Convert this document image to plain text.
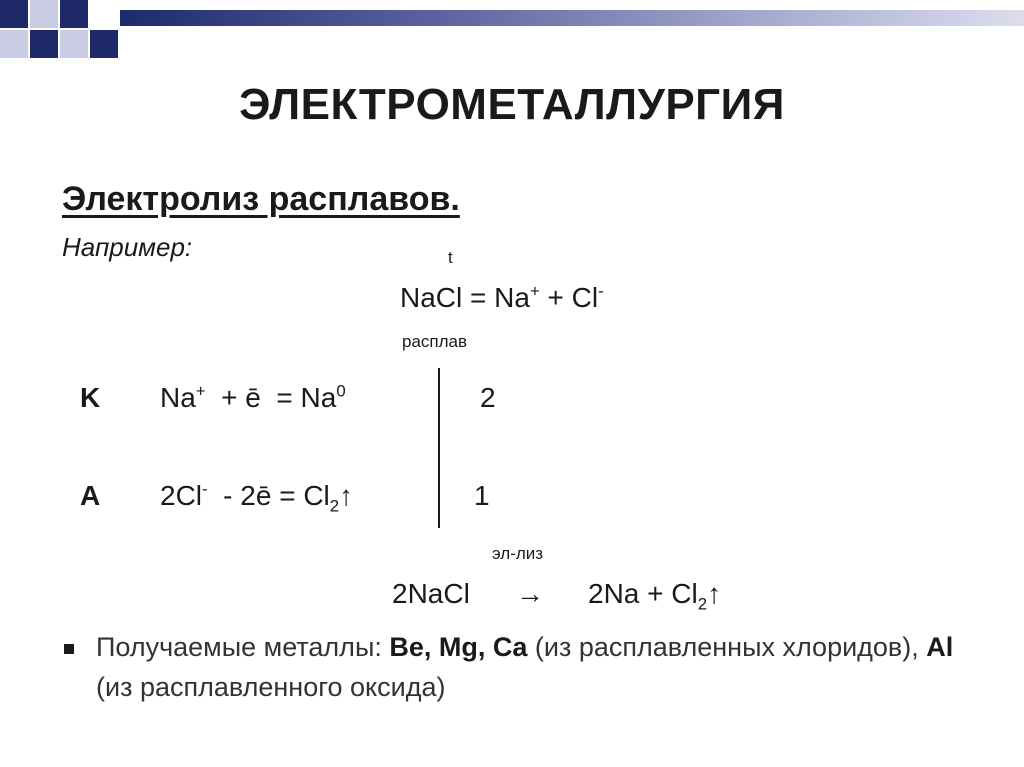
ЭЛЕКТРОМЕТАЛЛУРГИЯ
Электролиз расплавов.
Например:	t
NaCl = Na+ + Cl-
расплав
K Na+  + ē  = $Na^0$	2
A 2Cl-  - 2ē = $Cl_2↑$	1
эл-лиз
2NaCl → $2Na + Cl_2↑$
Получаемые металлы: Be, Mg, Ca (из расплавленных хлоридов), Al (из расплавленного оксида)
